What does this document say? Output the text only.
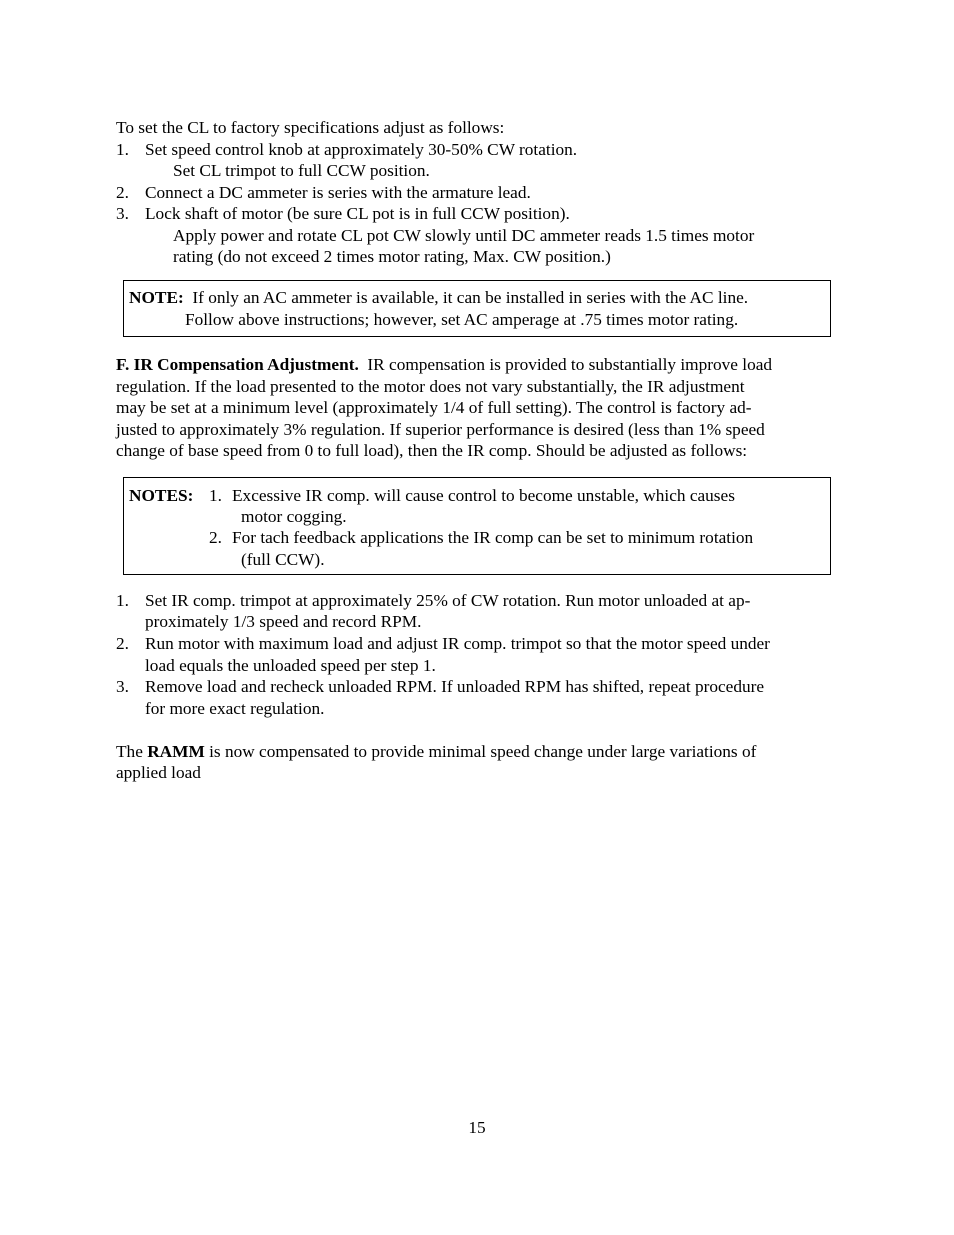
To set the CL to factory specifications adjust as follows:
1. Set speed control knob at approximately 30-50% CW rotation.
Set CL trimpot to full CCW position.
2. Connect a DC ammeter is series with the armature lead.
3. Lock shaft of motor (be sure CL pot is in full CCW position).
Apply power and rotate CL pot CW slowly until DC ammeter reads 1.5 times motor
rating (do not exceed 2 times motor rating, Max. CW position.)
NOTE: If only an AC ammeter is available, it can be installed in series with the AC line.
Follow above instructions; however, set AC amperage at .75 times motor rating.
F. IR Compensation Adjustment. IR compensation is provided to substantially improve load
regulation. If the load presented to the motor does not vary substantially, the IR adjustment
may be set at a minimum level (approximately 1/4 of full setting). The control is factory ad-
justed to approximately 3% regulation. If superior performance is desired (less than 1% speed
change of base speed from 0 to full load), then the IR comp. Should be adjusted as follows:
NOTES: 1. Excessive IR comp. will cause control to become unstable, which causes
motor cogging.
2. For tach feedback applications the IR comp can be set to minimum rotation
(full CCW).
1. Set IR comp. trimpot at approximately 25% of CW rotation. Run motor unloaded at ap-
proximately 1/3 speed and record RPM.
2. Run motor with maximum load and adjust IR comp. trimpot so that the motor speed under
load equals the unloaded speed per step 1.
3. Remove load and recheck unloaded RPM. If unloaded RPM has shifted, repeat procedure
for more exact regulation.
The RAMM is now compensated to provide minimal speed change under large variations of
applied load
15
